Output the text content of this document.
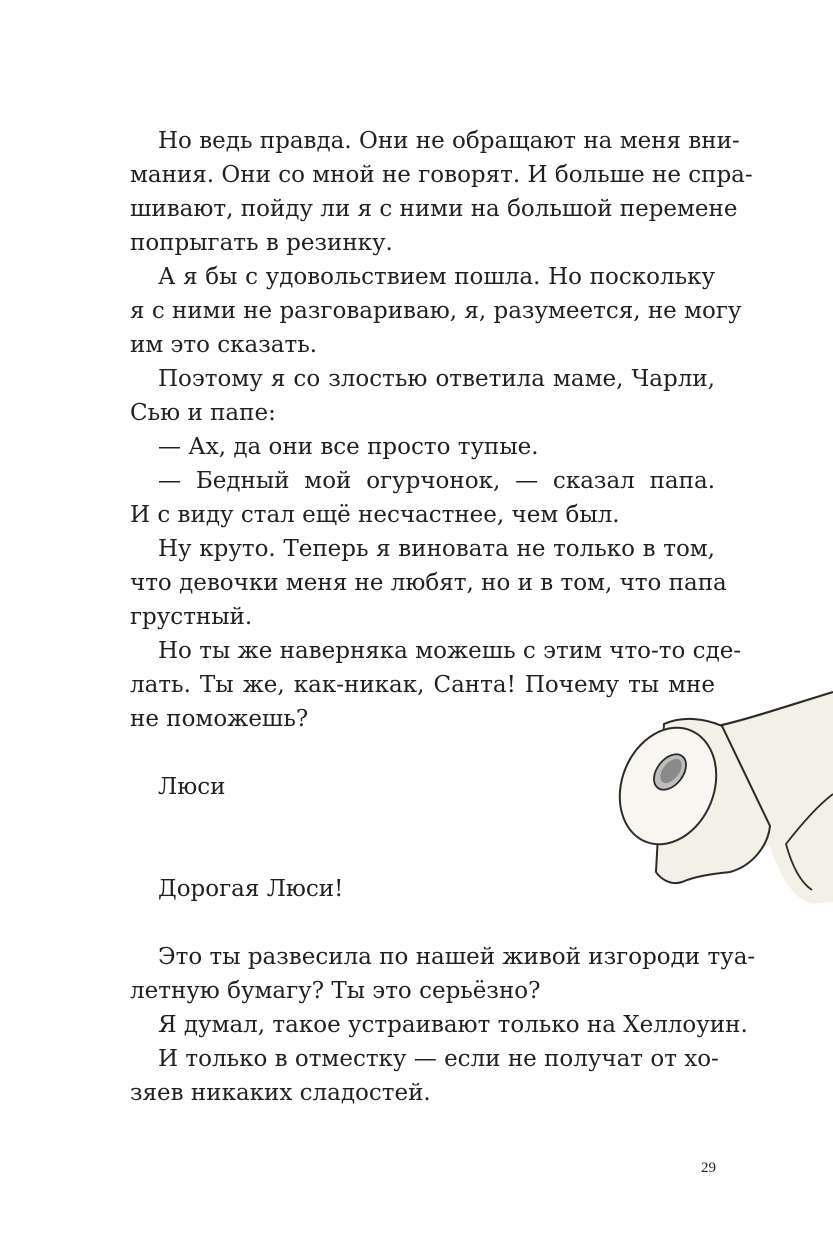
Но ведь правда. Они не обращают на меня вни-
мания. Они со мной не говорят. И больше не спра-
шивают, пойду ли я с ними на большой перемене
попрыгать в резинку.
А я бы с удовольствием пошла. Но поскольку
я с ними не разговариваю, я, разумеется, не могу
им это сказать.
Поэтому я со злостью ответила маме, Чарли,
Сью и папе:
— Ах, да они все просто тупые.
— Бедный мой огурчонок, — сказал папа.
И с виду стал ещё несчастнее, чем был.
Ну круто. Теперь я виновата не только в том,
что девочки меня не любят, но и в том, что папа
грустный.
Но ты же наверняка можешь с этим что-то сде-
лать. Ты же, как-никак, Санта! Почему ты мне
не поможешь?
Люси
Дорогая Люси!
Это ты развесила по нашей живой изгороди туа-
летную бумагу? Ты это серьёзно?
Я думал, такое устраивают только на Хеллоуин.
И только в отместку — если не получат от хо-
зяев никаких сладостей.
29
